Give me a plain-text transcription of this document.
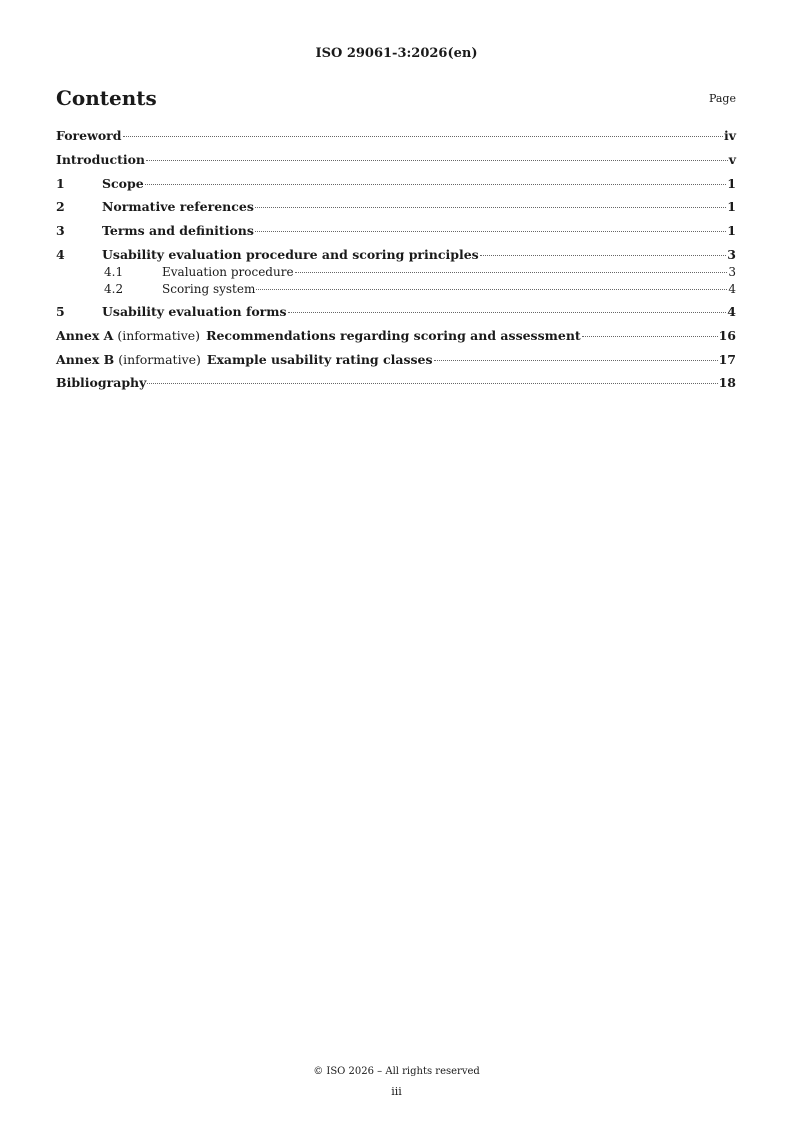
ISO 29061-3:2026(en)
Contents	Page
Foreword	iv
Introduction	v
1	Scope	1
2	Normative references	1
3	Terms and definitions	1
4	Usability evaluation procedure and scoring principles	3
4.1	Evaluation procedure	3
4.2	Scoring system	4
5	Usability evaluation forms	4
Annex A (informative) Recommendations regarding scoring and assessment	16
Annex B (informative) Example usability rating classes	17
Bibliography	18
© ISO 2026 – All rights reserved
iii
